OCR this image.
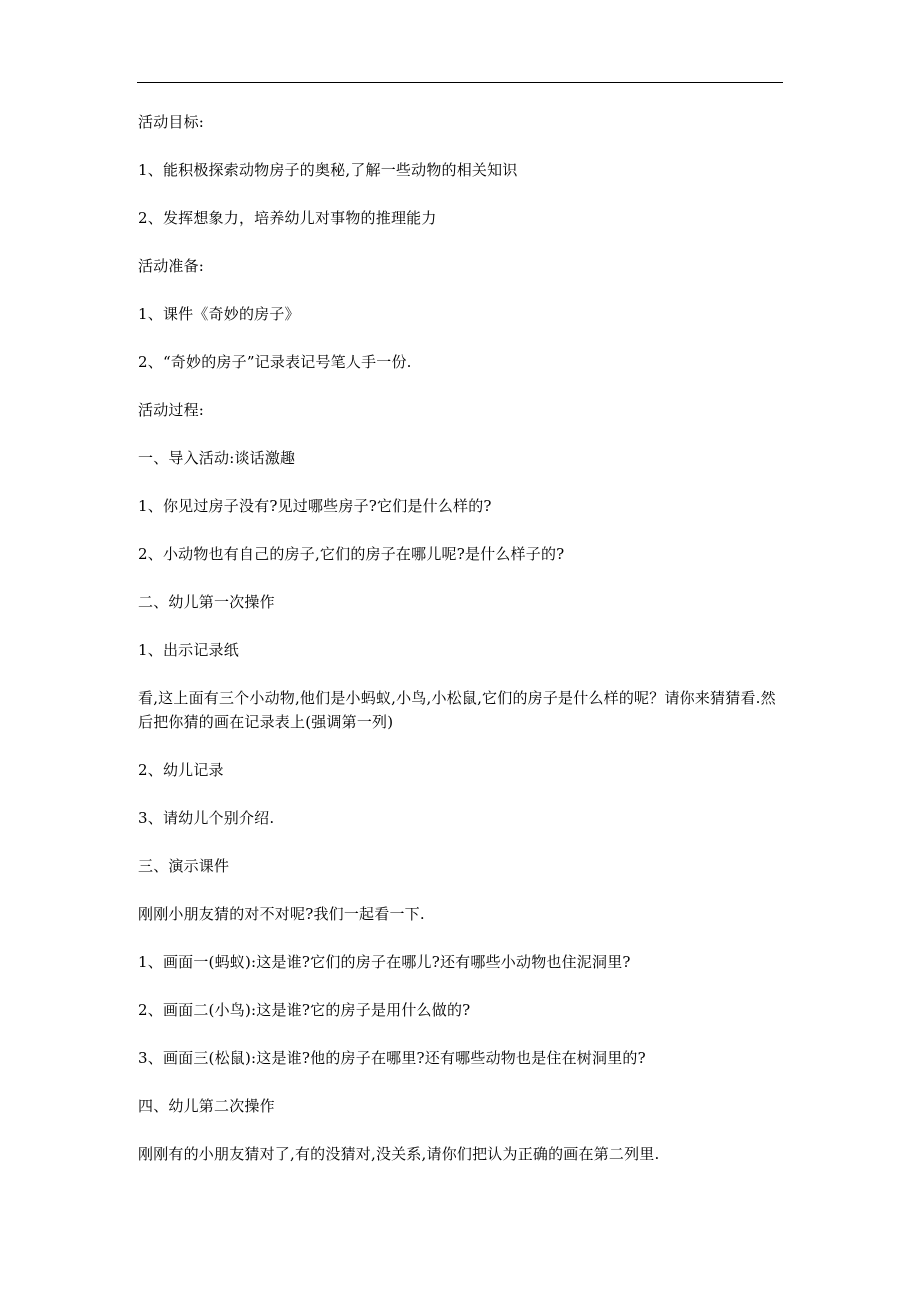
活动目标:

1、能积极探索动物房子的奥秘,了解一些动物的相关知识

2、发挥想象力，培养幼儿对事物的推理能力

活动准备:

1、课件《奇妙的房子》

2、“奇妙的房子”记录表记号笔人手一份.

活动过程:

一、导入活动:谈话激趣

1、你见过房子没有?见过哪些房子?它们是什么样的?

2、小动物也有自己的房子,它们的房子在哪儿呢?是什么样子的?

二、幼儿第一次操作

1、出示记录纸

看,这上面有三个小动物,他们是小蚂蚁,小鸟,小松鼠,它们的房子是什么样的呢？请你来猜猜看.然后把你猜的画在记录表上(强调第一列)

2、幼儿记录

3、请幼儿个别介绍.

三、演示课件

刚刚小朋友猜的对不对呢?我们一起看一下.

1、画面一(蚂蚁):这是谁?它们的房子在哪儿?还有哪些小动物也住泥洞里?

2、画面二(小鸟):这是谁?它的房子是用什么做的?

3、画面三(松鼠):这是谁?他的房子在哪里?还有哪些动物也是住在树洞里的?

四、幼儿第二次操作

刚刚有的小朋友猜对了,有的没猜对,没关系,请你们把认为正确的画在第二列里.
